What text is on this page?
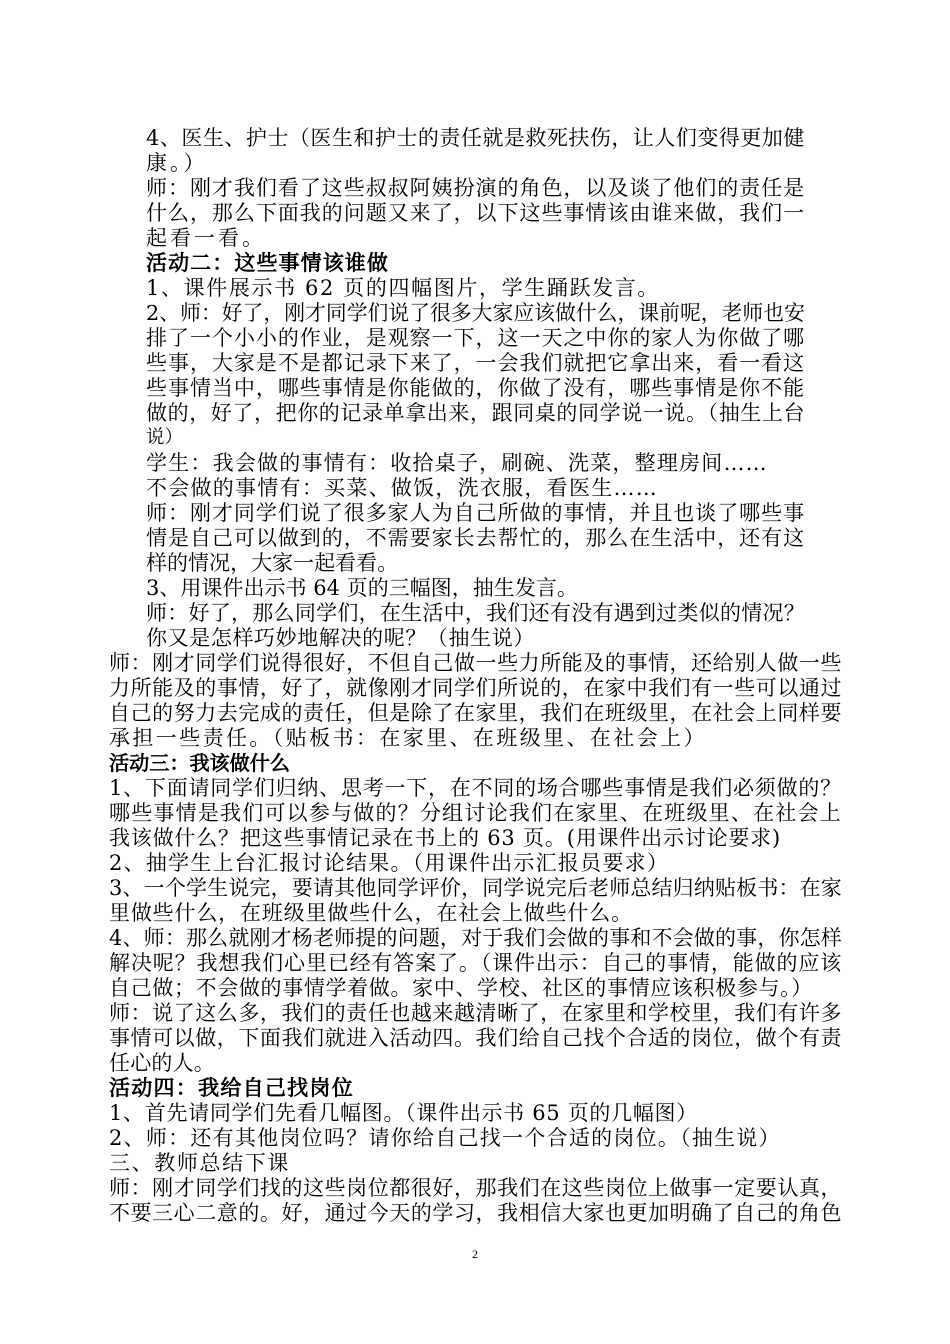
4、医生、护士（医生和护士的责任就是救死扶伤，让人们变得更加健

康。）

师：刚才我们看了这些叔叔阿姨扮演的角色，以及谈了他们的责任是

什么，那么下面我的问题又来了，以下这些事情该由谁来做，我们一

起看一看。

活动二：这些事情该谁做

1、课件展示书 62 页的四幅图片，学生踊跃发言。

2、师：好了，刚才同学们说了很多大家应该做什么，课前呢，老师也安

排了一个小小的作业，是观察一下，这一天之中你的家人为你做了哪

些事，大家是不是都记录下来了，一会我们就把它拿出来，看一看这

些事情当中，哪些事情是你能做的，你做了没有，哪些事情是你不能

做的，好了，把你的记录单拿出来，跟同桌的同学说一说。（抽生上台

说）

学生：我会做的事情有：收拾桌子，刷碗、洗菜，整理房间……

不会做的事情有：买菜、做饭，洗衣服，看医生……

师：刚才同学们说了很多家人为自己所做的事情，并且也谈了哪些事

情是自己可以做到的，不需要家长去帮忙的，那么在生活中，还有这

样的情况，大家一起看看。

3、用课件出示书 64 页的三幅图，抽生发言。

师：好了，那么同学们，在生活中，我们还有没有遇到过类似的情况？

你又是怎样巧妙地解决的呢？（抽生说）

师：刚才同学们说得很好，不但自己做一些力所能及的事情，还给别人做一些

力所能及的事情，好了，就像刚才同学们所说的，在家中我们有一些可以通过

自己的努力去完成的责任，但是除了在家里，我们在班级里，在社会上同样要

承担一些责任。（贴板书：在家里、在班级里、在社会上）

活动三：我该做什么

1、下面请同学们归纳、思考一下，在不同的场合哪些事情是我们必须做的？

哪些事情是我们可以参与做的？分组讨论我们在家里、在班级里、在社会上

我该做什么？把这些事情记录在书上的 63 页。(用课件出示讨论要求)

2、抽学生上台汇报讨论结果。（用课件出示汇报员要求）

3、一个学生说完，要请其他同学评价，同学说完后老师总结归纳贴板书：在家

里做些什么，在班级里做些什么，在社会上做些什么。

4、师：那么就刚才杨老师提的问题，对于我们会做的事和不会做的事，你怎样

解决呢？我想我们心里已经有答案了。（课件出示：自己的事情，能做的应该

自己做；不会做的事情学着做。家中、学校、社区的事情应该积极参与。）

师：说了这么多，我们的责任也越来越清晰了，在家里和学校里，我们有许多

事情可以做，下面我们就进入活动四。我们给自己找个合适的岗位，做个有责

任心的人。

活动四：我给自己找岗位

1、首先请同学们先看几幅图。（课件出示书 65 页的几幅图）

2、师：还有其他岗位吗？请你给自己找一个合适的岗位。（抽生说）

三、教师总结下课

师：刚才同学们找的这些岗位都很好，那我们在这些岗位上做事一定要认真，

不要三心二意的。好，通过今天的学习，我相信大家也更加明确了自己的角色

2
